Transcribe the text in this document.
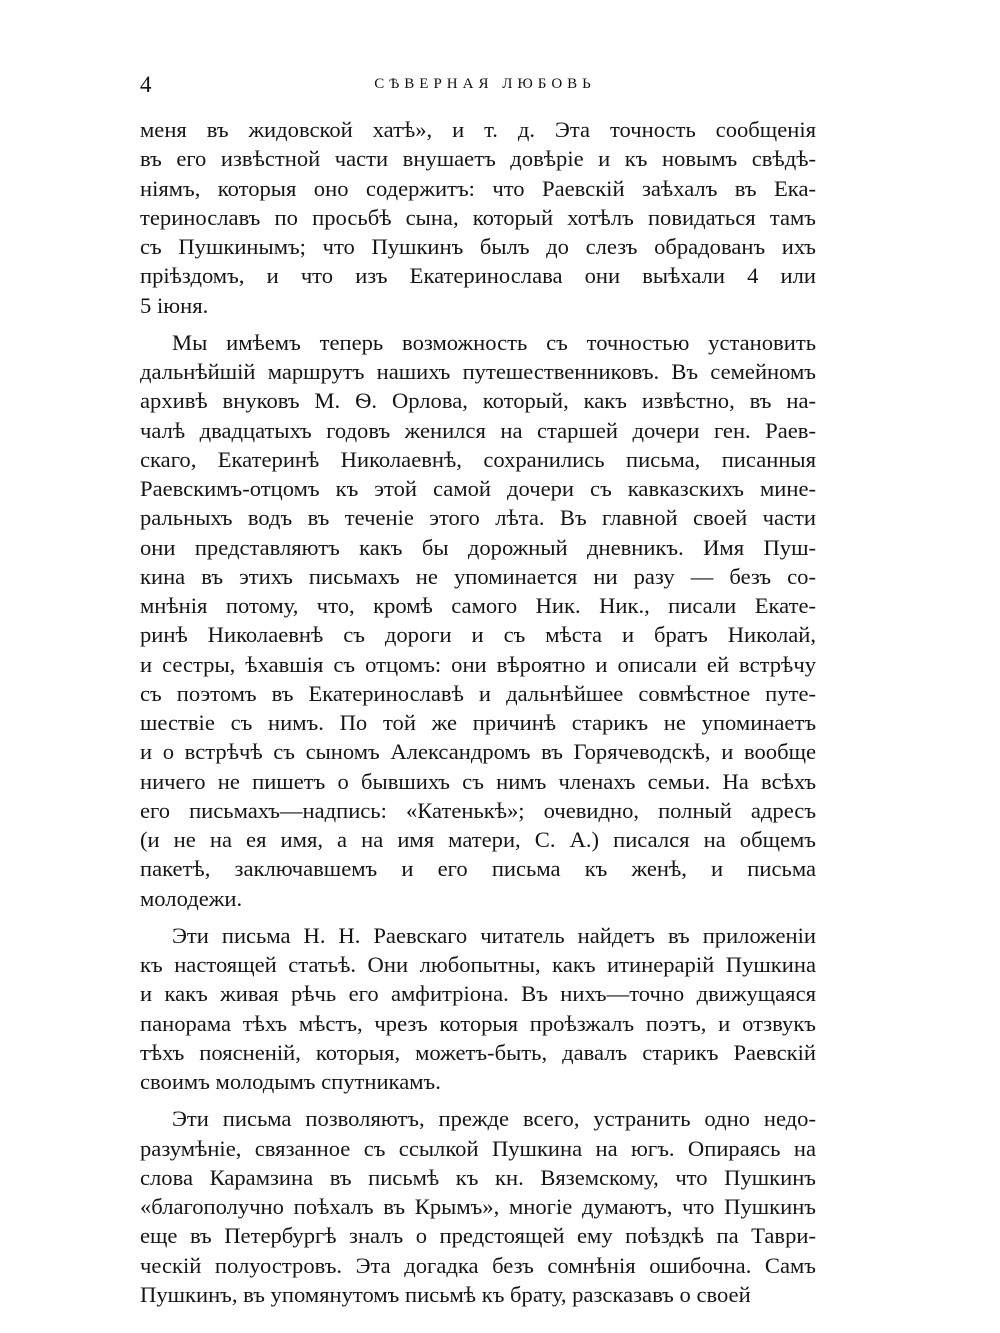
4	СѢВЕРНАЯ ЛЮБОВЬ
меня въ жидовской хатѣ», и т. д. Эта точность сообщенія
въ его извѣстной части внушаетъ довѣріе и къ новымъ свѣдѣ-
ніямъ, которыя оно содержитъ: что Раевскій заѣхалъ въ Ека-
теринославъ по просьбѣ сына, который хотѣлъ повидаться тамъ
съ Пушкинымъ; что Пушкинъ былъ до слезъ обрадованъ ихъ
пріѣздомъ, и что изъ Екатеринослава они выѣхали 4 или
5 іюня.
Мы имѣемъ теперь возможность съ точностью установить
дальнѣйшій маршрутъ нашихъ путешественниковъ. Въ семейномъ
архивѣ внуковъ М. Ѳ. Орлова, который, какъ извѣстно, въ на-
чалѣ двадцатыхъ годовъ женился на старшей дочери ген. Раев-
скаго, Екатеринѣ Николаевнѣ, сохранились письма, писанныя
Раевскимъ-отцомъ къ этой самой дочери съ кавказскихъ мине-
ральныхъ водъ въ теченіе этого лѣта. Въ главной своей части
они представляютъ какъ бы дорожный дневникъ. Имя Пуш-
кина въ этихъ письмахъ не упоминается ни разу — безъ со-
мнѣнія потому, что, кромѣ самого Ник. Ник., писали Екате-
ринѣ Николаевнѣ съ дороги и съ мѣста и братъ Николай,
и сестры, ѣхавшія съ отцомъ: они вѣроятно и описали ей встрѣчу
съ поэтомъ въ Екатеринославѣ и дальнѣйшее совмѣстное путе-
шествіе съ нимъ. По той же причинѣ старикъ не упоминаетъ
и о встрѣчѣ съ сыномъ Александромъ въ Горячеводскѣ, и вообще
ничего не пишетъ о бывшихъ съ нимъ членахъ семьи. На всѣхъ
его письмахъ—надпись: «Катенькѣ»; очевидно, полный адресъ
(и не на ея имя, а на имя матери, С. А.) писался на общемъ
пакетѣ, заключавшемъ и его письма къ женѣ, и письма
молодежи.
Эти письма Н. Н. Раевскаго читатель найдетъ въ приложеніи
къ настоящей статьѣ. Они любопытны, какъ итинерарій Пушкина
и какъ живая рѣчь его амфитріона. Въ нихъ—точно движущаяся
панорама тѣхъ мѣстъ, чрезъ которыя проѣзжалъ поэтъ, и отзвукъ
тѣхъ поясненій, которыя, можетъ-быть, давалъ старикъ Раевскій
своимъ молодымъ спутникамъ.
Эти письма позволяютъ, прежде всего, устранить одно недо-
разумѣніе, связанное съ ссылкой Пушкина на югъ. Опираясь на
слова Карамзина въ письмѣ къ кн. Вяземскому, что Пушкинъ
«благополучно поѣхалъ въ Крымъ», многіе думаютъ, что Пушкинъ
еще въ Петербургѣ зналъ о предстоящей ему поѣздкѣ па Таври-
ческій полуостровъ. Эта догадка безъ сомнѣнія ошибочна. Самъ
Пушкинъ, въ упомянутомъ письмѣ къ брату, разсказавъ о своей
